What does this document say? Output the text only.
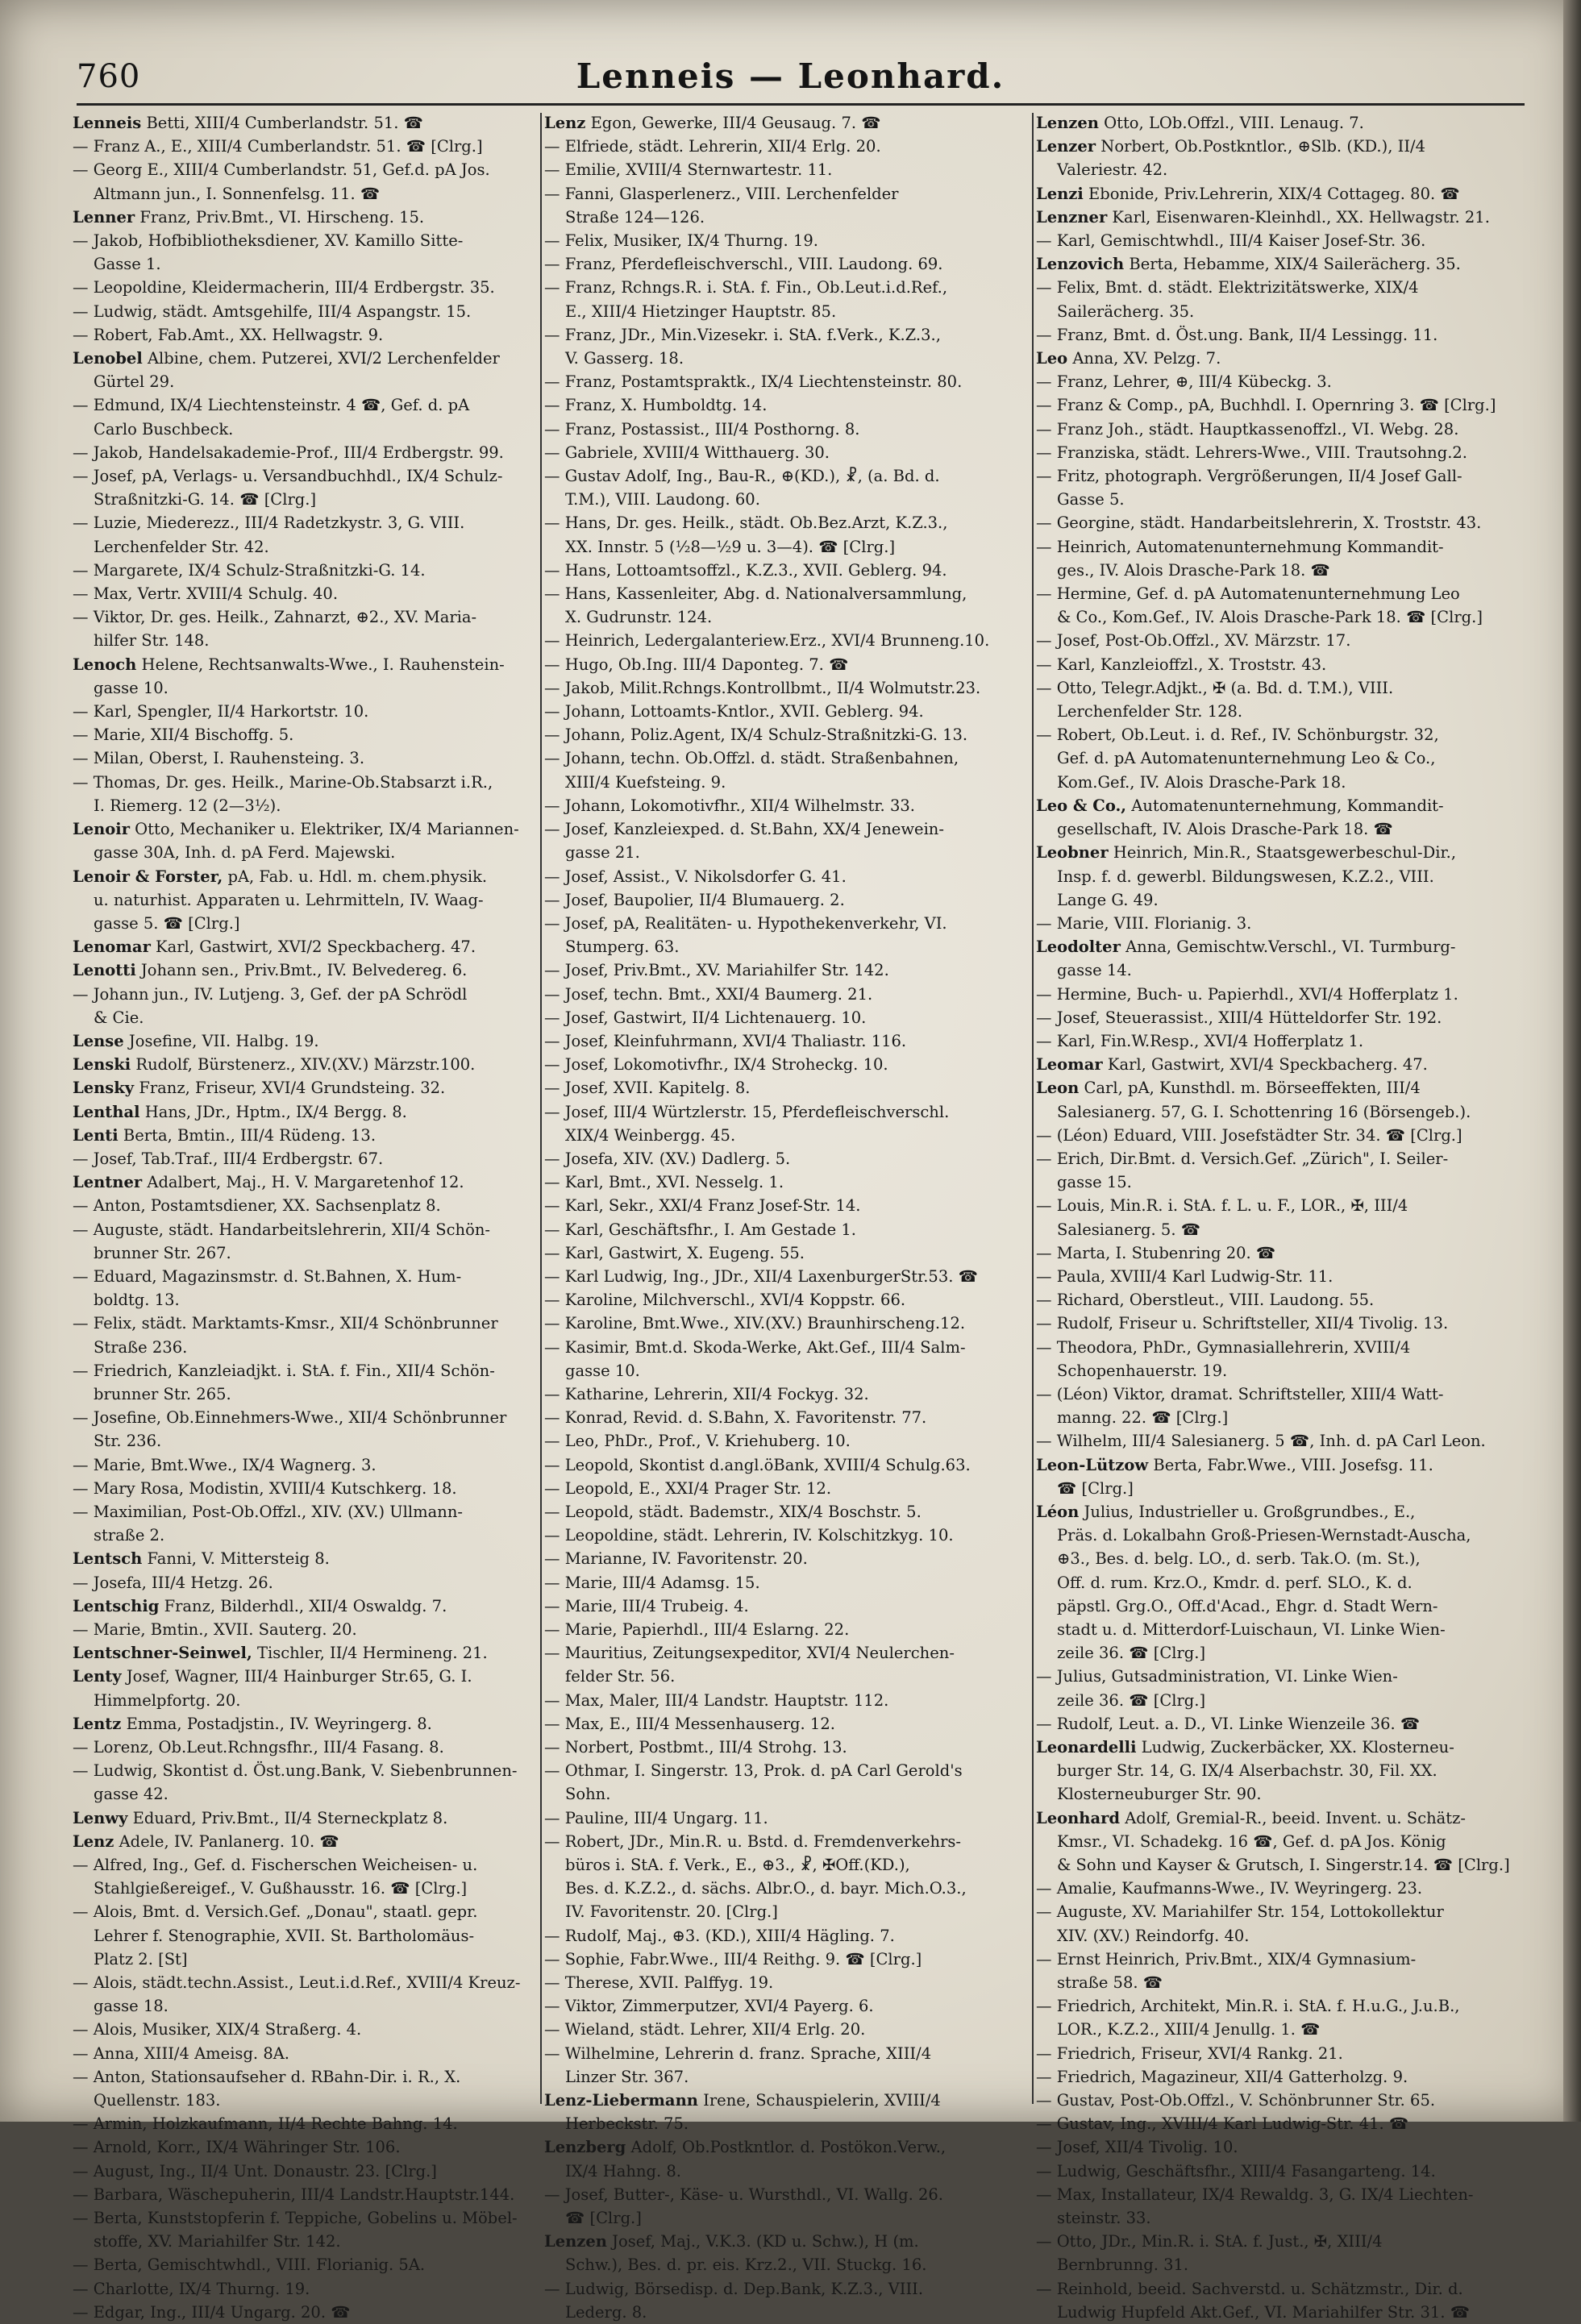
760	Lenneis — Leonhard.
Lenneis Betti, XIII/4 Cumberlandstr. 51. ☎
— Franz A., E., XIII/4 Cumberlandstr. 51. ☎ [Clrg.]
— Georg E., XIII/4 Cumberlandstr. 51, Gef.d. pA Jos.
Altmann jun., I. Sonnenfelsg. 11. ☎
Lenner Franz, Priv.Bmt., VI. Hirscheng. 15.
— Jakob, Hofbibliotheksdiener, XV. Kamillo Sitte-
Gasse 1.
— Leopoldine, Kleidermacherin, III/4 Erdbergstr. 35.
— Ludwig, städt. Amtsgehilfe, III/4 Aspangstr. 15.
— Robert, Fab.Amt., XX. Hellwagstr. 9.
Lenobel Albine, chem. Putzerei, XVI/2 Lerchenfelder
Gürtel 29.
— Edmund, IX/4 Liechtensteinstr. 4 ☎, Gef. d. pA
Carlo Buschbeck.
— Jakob, Handelsakademie-Prof., III/4 Erdbergstr. 99.
— Josef, pA, Verlags- u. Versandbuchhdl., IX/4 Schulz-
Straßnitzki-G. 14. ☎ [Clrg.]
— Luzie, Miederezz., III/4 Radetzkystr. 3, G. VIII.
Lerchenfelder Str. 42.
— Margarete, IX/4 Schulz-Straßnitzki-G. 14.
— Max, Vertr. XVIII/4 Schulg. 40.
— Viktor, Dr. ges. Heilk., Zahnarzt, ⊕2., XV. Maria-
hilfer Str. 148.
Lenoch Helene, Rechtsanwalts-Wwe., I. Rauhenstein-
gasse 10.
— Karl, Spengler, II/4 Harkortstr. 10.
— Marie, XII/4 Bischoffg. 5.
— Milan, Oberst, I. Rauhensteing. 3.
— Thomas, Dr. ges. Heilk., Marine-Ob.Stabsarzt i.R.,
I. Riemerg. 12 (2—3½).
Lenoir Otto, Mechaniker u. Elektriker, IX/4 Mariannen-
gasse 30A, Inh. d. pA Ferd. Majewski.
Lenoir & Forster, pA, Fab. u. Hdl. m. chem.physik.
u. naturhist. Apparaten u. Lehrmitteln, IV. Waag-
gasse 5. ☎ [Clrg.]
Lenomar Karl, Gastwirt, XVI/2 Speckbacherg. 47.
Lenotti Johann sen., Priv.Bmt., IV. Belvedereg. 6.
— Johann jun., IV. Lutjeng. 3, Gef. der pA Schrödl
& Cie.
Lense Josefine, VII. Halbg. 19.
Lenski Rudolf, Bürstenerz., XIV.(XV.) Märzstr.100.
Lensky Franz, Friseur, XVI/4 Grundsteing. 32.
Lenthal Hans, JDr., Hptm., IX/4 Bergg. 8.
Lenti Berta, Bmtin., III/4 Rüdeng. 13.
— Josef, Tab.Traf., III/4 Erdbergstr. 67.
Lentner Adalbert, Maj., H. V. Margaretenhof 12.
— Anton, Postamtsdiener, XX. Sachsenplatz 8.
— Auguste, städt. Handarbeitslehrerin, XII/4 Schön-
brunner Str. 267.
— Eduard, Magazinsmstr. d. St.Bahnen, X. Hum-
boldtg. 13.
— Felix, städt. Marktamts-Kmsr., XII/4 Schönbrunner
Straße 236.
— Friedrich, Kanzleiadjkt. i. StA. f. Fin., XII/4 Schön-
brunner Str. 265.
— Josefine, Ob.Einnehmers-Wwe., XII/4 Schönbrunner
Str. 236.
— Marie, Bmt.Wwe., IX/4 Wagnerg. 3.
— Mary Rosa, Modistin, XVIII/4 Kutschkerg. 18.
— Maximilian, Post-Ob.Offzl., XIV. (XV.) Ullmann-
straße 2.
Lentsch Fanni, V. Mittersteig 8.
— Josefa, III/4 Hetzg. 26.
Lentschig Franz, Bilderhdl., XII/4 Oswaldg. 7.
— Marie, Bmtin., XVII. Sauterg. 20.
Lentschner-Seinwel, Tischler, II/4 Hermineng. 21.
Lenty Josef, Wagner, III/4 Hainburger Str.65, G. I.
Himmelpfortg. 20.
Lentz Emma, Postadjstin., IV. Weyringerg. 8.
— Lorenz, Ob.Leut.Rchngsfhr., III/4 Fasang. 8.
— Ludwig, Skontist d. Öst.ung.Bank, V. Siebenbrunnen-
gasse 42.
Lenwy Eduard, Priv.Bmt., II/4 Sterneckplatz 8.
Lenz Adele, IV. Panlanerg. 10. ☎
— Alfred, Ing., Gef. d. Fischerschen Weicheisen- u.
Stahlgießereigef., V. Gußhausstr. 16. ☎ [Clrg.]
— Alois, Bmt. d. Versich.Gef. „Donau", staatl. gepr.
Lehrer f. Stenographie, XVII. St. Bartholomäus-
Platz 2. [St]
— Alois, städt.techn.Assist., Leut.i.d.Ref., XVIII/4 Kreuz-
gasse 18.
— Alois, Musiker, XIX/4 Straßerg. 4.
— Anna, XIII/4 Ameisg. 8A.
— Anton, Stationsaufseher d. RBahn-Dir. i. R., X.
Quellenstr. 183.
— Armin, Holzkaufmann, II/4 Rechte Bahng. 14.
— Arnold, Korr., IX/4 Währinger Str. 106.
— August, Ing., II/4 Unt. Donaustr. 23. [Clrg.]
— Barbara, Wäschepuherin, III/4 Landstr.Hauptstr.144.
— Berta, Kunststopferin f. Teppiche, Gobelins u. Möbel-
stoffe, XV. Mariahilfer Str. 142.
— Berta, Gemischtwhdl., VIII. Florianig. 5A.
— Charlotte, IX/4 Thurng. 19.
— Edgar, Ing., III/4 Ungarg. 20. ☎
Lenz Egon, Gewerke, III/4 Geusaug. 7. ☎
— Elfriede, städt. Lehrerin, XII/4 Erlg. 20.
— Emilie, XVIII/4 Sternwartestr. 11.
— Fanni, Glasperlenerz., VIII. Lerchenfelder
Straße 124—126.
— Felix, Musiker, IX/4 Thurng. 19.
— Franz, Pferdefleischverschl., VIII. Laudong. 69.
— Franz, Rchngs.R. i. StA. f. Fin., Ob.Leut.i.d.Ref.,
E., XIII/4 Hietzinger Hauptstr. 85.
— Franz, JDr., Min.Vizesekr. i. StA. f.Verk., K.Z.3.,
V. Gasserg. 18.
— Franz, Postamtspraktk., IX/4 Liechtensteinstr. 80.
— Franz, X. Humboldtg. 14.
— Franz, Postassist., III/4 Posthorng. 8.
— Gabriele, XVIII/4 Witthauerg. 30.
— Gustav Adolf, Ing., Bau-R., ⊕(KD.), ☧, (a. Bd. d.
T.M.), VIII. Laudong. 60.
— Hans, Dr. ges. Heilk., städt. Ob.Bez.Arzt, K.Z.3.,
XX. Innstr. 5 (½8—½9 u. 3—4). ☎ [Clrg.]
— Hans, Lottoamtsoffzl., K.Z.3., XVII. Geblerg. 94.
— Hans, Kassenleiter, Abg. d. Nationalversammlung,
X. Gudrunstr. 124.
— Heinrich, Ledergalanteriew.Erz., XVI/4 Brunneng.10.
— Hugo, Ob.Ing. III/4 Daponteg. 7. ☎
— Jakob, Milit.Rchngs.Kontrollbmt., II/4 Wolmutstr.23.
— Johann, Lottoamts-Kntlor., XVII. Geblerg. 94.
— Johann, Poliz.Agent, IX/4 Schulz-Straßnitzki-G. 13.
— Johann, techn. Ob.Offzl. d. städt. Straßenbahnen,
XIII/4 Kuefsteing. 9.
— Johann, Lokomotivfhr., XII/4 Wilhelmstr. 33.
— Josef, Kanzleiexped. d. St.Bahn, XX/4 Jenewein-
gasse 21.
— Josef, Assist., V. Nikolsdorfer G. 41.
— Josef, Baupolier, II/4 Blumauerg. 2.
— Josef, pA, Realitäten- u. Hypothekenverkehr, VI.
Stumperg. 63.
— Josef, Priv.Bmt., XV. Mariahilfer Str. 142.
— Josef, techn. Bmt., XXI/4 Baumerg. 21.
— Josef, Gastwirt, II/4 Lichtenauerg. 10.
— Josef, Kleinfuhrmann, XVI/4 Thaliastr. 116.
— Josef, Lokomotivfhr., IX/4 Stroheckg. 10.
— Josef, XVII. Kapitelg. 8.
— Josef, III/4 Würtzlerstr. 15, Pferdefleischverschl.
XIX/4 Weinbergg. 45.
— Josefa, XIV. (XV.) Dadlerg. 5.
— Karl, Bmt., XVI. Nesselg. 1.
— Karl, Sekr., XXI/4 Franz Josef-Str. 14.
— Karl, Geschäftsfhr., I. Am Gestade 1.
— Karl, Gastwirt, X. Eugeng. 55.
— Karl Ludwig, Ing., JDr., XII/4 LaxenburgerStr.53. ☎
— Karoline, Milchverschl., XVI/4 Koppstr. 66.
— Karoline, Bmt.Wwe., XIV.(XV.) Braunhirscheng.12.
— Kasimir, Bmt.d. Skoda-Werke, Akt.Gef., III/4 Salm-
gasse 10.
— Katharine, Lehrerin, XII/4 Fockyg. 32.
— Konrad, Revid. d. S.Bahn, X. Favoritenstr. 77.
— Leo, PhDr., Prof., V. Kriehuberg. 10.
— Leopold, Skontist d.angl.öBank, XVIII/4 Schulg.63.
— Leopold, E., XXI/4 Prager Str. 12.
— Leopold, städt. Bademstr., XIX/4 Boschstr. 5.
— Leopoldine, städt. Lehrerin, IV. Kolschitzkyg. 10.
— Marianne, IV. Favoritenstr. 20.
— Marie, III/4 Adamsg. 15.
— Marie, III/4 Trubeig. 4.
— Marie, Papierhdl., III/4 Eslarng. 22.
— Mauritius, Zeitungsexpeditor, XVI/4 Neulerchen-
felder Str. 56.
— Max, Maler, III/4 Landstr. Hauptstr. 112.
— Max, E., III/4 Messenhauserg. 12.
— Norbert, Postbmt., III/4 Strohg. 13.
— Othmar, I. Singerstr. 13, Prok. d. pA Carl Gerold's
Sohn.
— Pauline, III/4 Ungarg. 11.
— Robert, JDr., Min.R. u. Bstd. d. Fremdenverkehrs-
büros i. StA. f. Verk., E., ⊕3., ☧, ✠Off.(KD.),
Bes. d. K.Z.2., d. sächs. Albr.O., d. bayr. Mich.O.3.,
IV. Favoritenstr. 20. [Clrg.]
— Rudolf, Maj., ⊕3. (KD.), XIII/4 Hägling. 7.
— Sophie, Fabr.Wwe., III/4 Reithg. 9. ☎ [Clrg.]
— Therese, XVII. Palffyg. 19.
— Viktor, Zimmerputzer, XVI/4 Payerg. 6.
— Wieland, städt. Lehrer, XII/4 Erlg. 20.
— Wilhelmine, Lehrerin d. franz. Sprache, XIII/4
Linzer Str. 367.
Lenz-Liebermann Irene, Schauspielerin, XVIII/4
Herbeckstr. 75.
Lenzberg Adolf, Ob.Postkntlor. d. Postökon.Verw.,
IX/4 Hahng. 8.
— Josef, Butter-, Käse- u. Wursthdl., VI. Wallg. 26.
☎ [Clrg.]
Lenzen Josef, Maj., V.K.3. (KD u. Schw.), H (m.
Schw.), Bes. d. pr. eis. Krz.2., VII. Stuckg. 16.
— Ludwig, Börsedisp. d. Dep.Bank, K.Z.3., VIII.
Lederg. 8.
Lenzen Otto, LOb.Offzl., VIII. Lenaug. 7.
Lenzer Norbert, Ob.Postkntlor., ⊕Slb. (KD.), II/4
Valeriestr. 42.
Lenzi Ebonide, Priv.Lehrerin, XIX/4 Cottageg. 80. ☎
Lenzner Karl, Eisenwaren-Kleinhdl., XX. Hellwagstr. 21.
— Karl, Gemischtwhdl., III/4 Kaiser Josef-Str. 36.
Lenzovich Berta, Hebamme, XIX/4 Sailerächerg. 35.
— Felix, Bmt. d. städt. Elektrizitätswerke, XIX/4
Sailerächerg. 35.
— Franz, Bmt. d. Öst.ung. Bank, II/4 Lessingg. 11.
Leo Anna, XV. Pelzg. 7.
— Franz, Lehrer, ⊕, III/4 Kübeckg. 3.
— Franz & Comp., pA, Buchhdl. I. Opernring 3. ☎ [Clrg.]
— Franz Joh., städt. Hauptkassenoffzl., VI. Webg. 28.
— Franziska, städt. Lehrers-Wwe., VIII. Trautsohng.2.
— Fritz, photograph. Vergrößerungen, II/4 Josef Gall-
Gasse 5.
— Georgine, städt. Handarbeitslehrerin, X. Troststr. 43.
— Heinrich, Automatenunternehmung Kommandit-
ges., IV. Alois Drasche-Park 18. ☎
— Hermine, Gef. d. pA Automatenunternehmung Leo
& Co., Kom.Gef., IV. Alois Drasche-Park 18. ☎ [Clrg.]
— Josef, Post-Ob.Offzl., XV. Märzstr. 17.
— Karl, Kanzleioffzl., X. Troststr. 43.
— Otto, Telegr.Adjkt., ✠ (a. Bd. d. T.M.), VIII.
Lerchenfelder Str. 128.
— Robert, Ob.Leut. i. d. Ref., IV. Schönburgstr. 32,
Gef. d. pA Automatenunternehmung Leo & Co.,
Kom.Gef., IV. Alois Drasche-Park 18.
Leo & Co., Automatenunternehmung, Kommandit-
gesellschaft, IV. Alois Drasche-Park 18. ☎
Leobner Heinrich, Min.R., Staatsgewerbeschul-Dir.,
Insp. f. d. gewerbl. Bildungswesen, K.Z.2., VIII.
Lange G. 49.
— Marie, VIII. Florianig. 3.
Leodolter Anna, Gemischtw.Verschl., VI. Turmburg-
gasse 14.
— Hermine, Buch- u. Papierhdl., XVI/4 Hofferplatz 1.
— Josef, Steuerassist., XIII/4 Hütteldorfer Str. 192.
— Karl, Fin.W.Resp., XVI/4 Hofferplatz 1.
Leomar Karl, Gastwirt, XVI/4 Speckbacherg. 47.
Leon Carl, pA, Kunsthdl. m. Börseeffekten, III/4
Salesianerg. 57, G. I. Schottenring 16 (Börsengeb.).
— (Léon) Eduard, VIII. Josefstädter Str. 34. ☎ [Clrg.]
— Erich, Dir.Bmt. d. Versich.Gef. „Zürich", I. Seiler-
gasse 15.
— Louis, Min.R. i. StA. f. L. u. F., LOR., ✠, III/4
Salesianerg. 5. ☎
— Marta, I. Stubenring 20. ☎
— Paula, XVIII/4 Karl Ludwig-Str. 11.
— Richard, Oberstleut., VIII. Laudong. 55.
— Rudolf, Friseur u. Schriftsteller, XII/4 Tivolig. 13.
— Theodora, PhDr., Gymnasiallehrerin, XVIII/4
Schopenhauerstr. 19.
— (Léon) Viktor, dramat. Schriftsteller, XIII/4 Watt-
manng. 22. ☎ [Clrg.]
— Wilhelm, III/4 Salesianerg. 5 ☎, Inh. d. pA Carl Leon.
Leon-Lützow Berta, Fabr.Wwe., VIII. Josefsg. 11.
☎ [Clrg.]
Léon Julius, Industrieller u. Großgrundbes., E.,
Präs. d. Lokalbahn Groß-Priesen-Wernstadt-Auscha,
⊕3., Bes. d. belg. LO., d. serb. Tak.O. (m. St.),
Off. d. rum. Krz.O., Kmdr. d. perf. SLO., K. d.
päpstl. Grg.O., Off.d'Acad., Ehgr. d. Stadt Wern-
stadt u. d. Mitterdorf-Luischaun, VI. Linke Wien-
zeile 36. ☎ [Clrg.]
— Julius, Gutsadministration, VI. Linke Wien-
zeile 36. ☎ [Clrg.]
— Rudolf, Leut. a. D., VI. Linke Wienzeile 36. ☎
Leonardelli Ludwig, Zuckerbäcker, XX. Klosterneu-
burger Str. 14, G. IX/4 Alserbachstr. 30, Fil. XX.
Klosterneuburger Str. 90.
Leonhard Adolf, Gremial-R., beeid. Invent. u. Schätz-
Kmsr., VI. Schadekg. 16 ☎, Gef. d. pA Jos. König
& Sohn und Kayser & Grutsch, I. Singerstr.14. ☎ [Clrg.]
— Amalie, Kaufmanns-Wwe., IV. Weyringerg. 23.
— Auguste, XV. Mariahilfer Str. 154, Lottokollektur
XIV. (XV.) Reindorfg. 40.
— Ernst Heinrich, Priv.Bmt., XIX/4 Gymnasium-
straße 58. ☎
— Friedrich, Architekt, Min.R. i. StA. f. H.u.G., J.u.B.,
LOR., K.Z.2., XIII/4 Jenullg. 1. ☎
— Friedrich, Friseur, XVI/4 Rankg. 21.
— Friedrich, Magazineur, XII/4 Gatterholzg. 9.
— Gustav, Post-Ob.Offzl., V. Schönbrunner Str. 65.
— Gustav, Ing., XVIII/4 Karl Ludwig-Str. 41. ☎
— Josef, XII/4 Tivolig. 10.
— Ludwig, Geschäftsfhr., XIII/4 Fasangarteng. 14.
— Max, Installateur, IX/4 Rewaldg. 3, G. IX/4 Liechten-
steinstr. 33.
— Otto, JDr., Min.R. i. StA. f. Just., ✠, XIII/4
Bernbrunng. 31.
— Reinhold, beeid. Sachverstd. u. Schätzmstr., Dir. d.
Ludwig Hupfeld Akt.Gef., VI. Mariahilfer Str. 31. ☎
